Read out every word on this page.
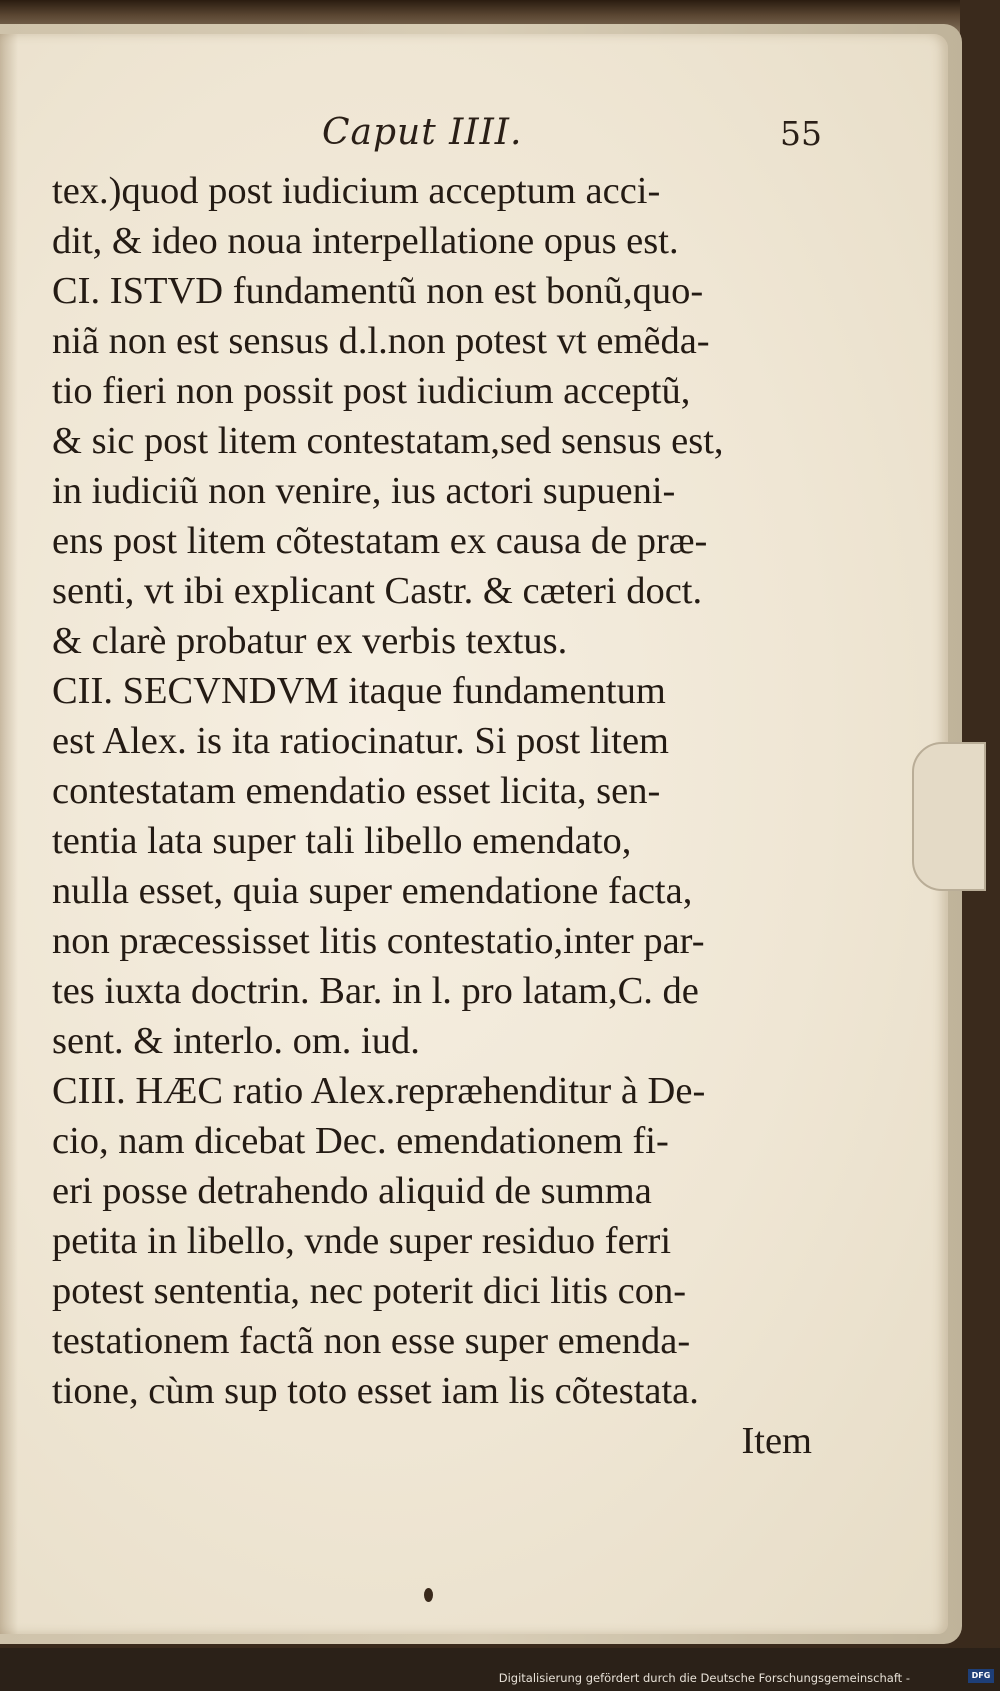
Caput IIII.	55
tex.)quod post iudicium acceptum acci-
dit, & ideo noua interpellatione opus est.
CI. ISTVD fundamentũ non est bonũ,quo-
niã non est sensus d.l.non potest vt emẽda-
tio fieri non possit post iudicium acceptũ,
& sic post litem contestatam,sed sensus est,
in iudiciũ non venire, ius actori supueni-
ens post litem cõtestatam ex causa de præ-
senti, vt ibi explicant Castr. & cæteri doct.
& clarè probatur ex verbis textus.
CII. SECVNDVM itaque fundamentum
est Alex. is ita ratiocinatur. Si post litem
contestatam emendatio esset licita, sen-
tentia lata super tali libello emendato,
nulla esset, quia super emendatione facta,
non præcessisset litis contestatio,inter par-
tes iuxta doctrin. Bar. in l. pro latam,C. de
sent. & interlo. om. iud.
CIII. HÆC ratio Alex.repræhenditur à De-
cio, nam dicebat Dec. emendationem fi-
eri posse detrahendo aliquid de summa
petita in libello, vnde super residuo ferri
potest sententia, nec poterit dici litis con-
testationem factã non esse super emenda-
tione, cùm sup toto esset iam lis cõtestata.
Item
Digitalisierung gefördert durch die Deutsche Forschungsgemeinschaft -	DFG
